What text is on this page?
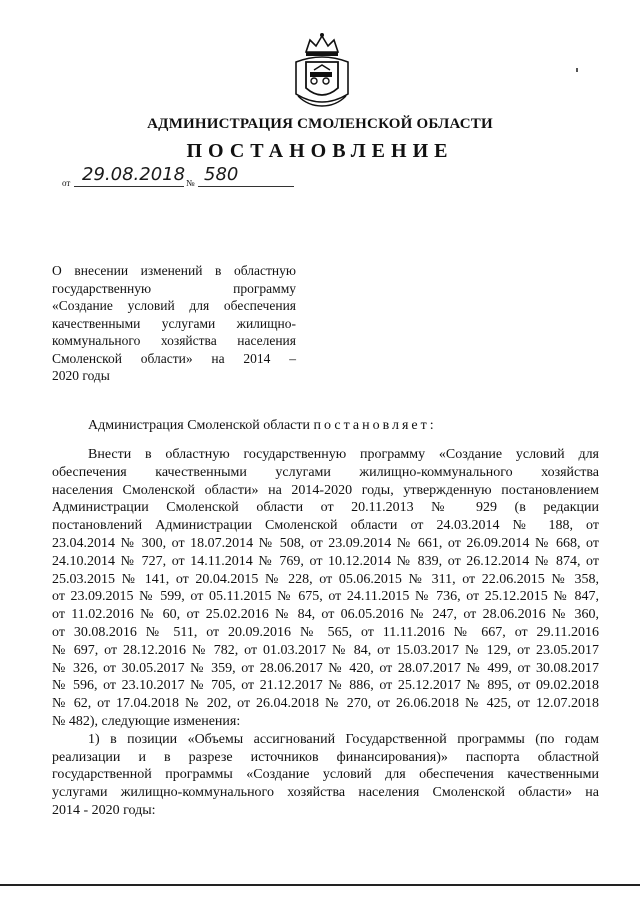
АДМИНИСТРАЦИЯ СМОЛЕНСКОЙ ОБЛАСТИ
ПОСТАНОВЛЕНИЕ
от 29.08.2018 № 580
О внесении изменений в областную
государственную программу
«Создание условий для обеспечения
качественными услугами жилищно-
коммунального хозяйства населения
Смоленской области» на 2014 –
2020 годы
Администрация Смоленской области постановляет:
Внести в областную государственную программу «Создание условий для
обеспечения качественными услугами жилищно-коммунального хозяйства
населения Смоленской области» на 2014-2020 годы, утвержденную постановлением
Администрации Смоленской области от 20.11.2013 № 929 (в редакции
постановлений Администрации Смоленской области от 24.03.2014 № 188, от
23.04.2014 № 300, от 18.07.2014 № 508, от 23.09.2014 № 661, от 26.09.2014 № 668, от
24.10.2014 № 727, от 14.11.2014 № 769, от 10.12.2014 № 839, от 26.12.2014 № 874, от
25.03.2015 № 141, от 20.04.2015 № 228, от 05.06.2015 № 311, от 22.06.2015 № 358,
от 23.09.2015 № 599, от 05.11.2015 № 675, от 24.11.2015 № 736, от 25.12.2015 № 847,
от 11.02.2016 № 60, от 25.02.2016 № 84, от 06.05.2016 № 247, от 28.06.2016 № 360,
от 30.08.2016 № 511, от 20.09.2016 № 565, от 11.11.2016 № 667, от 29.11.2016
№ 697, от 28.12.2016 № 782, от 01.03.2017 № 84, от 15.03.2017 № 129, от 23.05.2017
№ 326, от 30.05.2017 № 359, от 28.06.2017 № 420, от 28.07.2017 № 499, от 30.08.2017
№ 596, от 23.10.2017 № 705, от 21.12.2017 № 886, от 25.12.2017 № 895, от 09.02.2018
№ 62, от 17.04.2018 № 202, от 26.04.2018 № 270, от 26.06.2018 № 425, от 12.07.2018
№ 482), следующие изменения:
1) в позиции «Объемы ассигнований Государственной программы (по годам
реализации и в разрезе источников финансирования)» паспорта областной
государственной программы «Создание условий для обеспечения качественными
услугами жилищно-коммунального хозяйства населения Смоленской области» на
2014 - 2020 годы:
